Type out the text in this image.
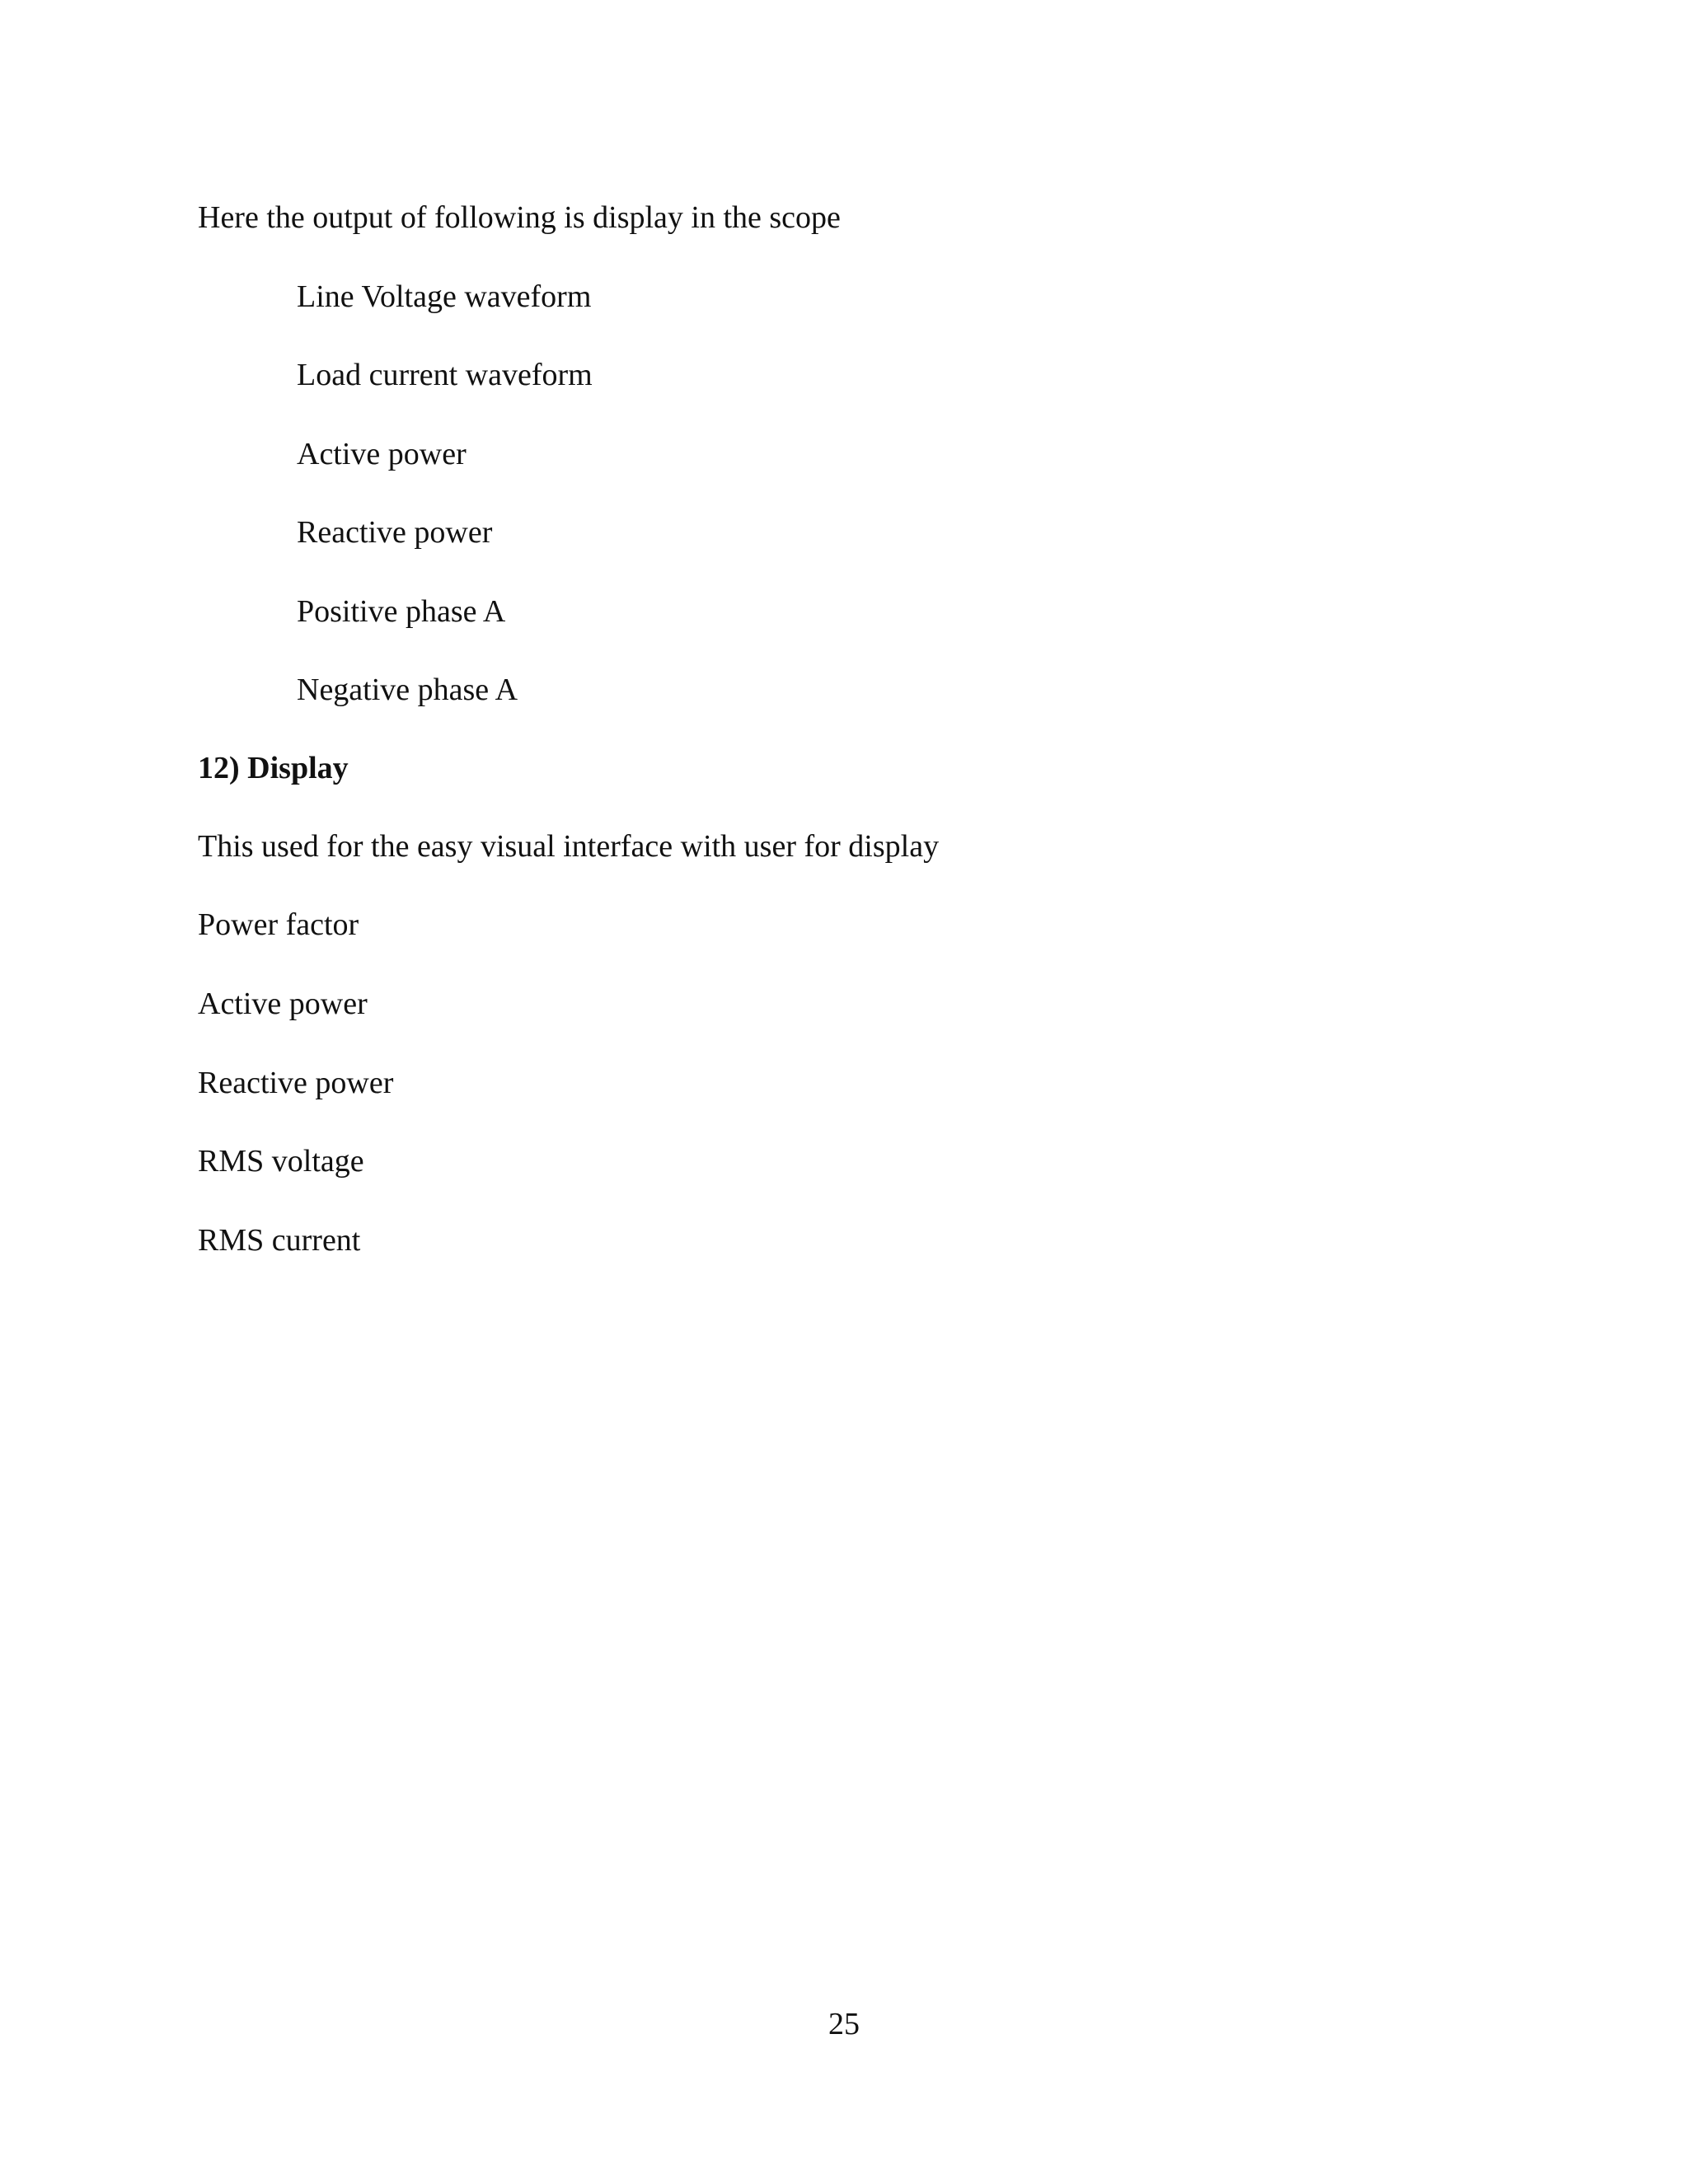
Here the output of following is display in the scope
Line Voltage waveform
Load current waveform
Active power
Reactive power
Positive phase A
Negative phase A
12) Display
This used for the easy visual interface with user for display
Power factor
Active power
Reactive power
RMS voltage
RMS current
25
